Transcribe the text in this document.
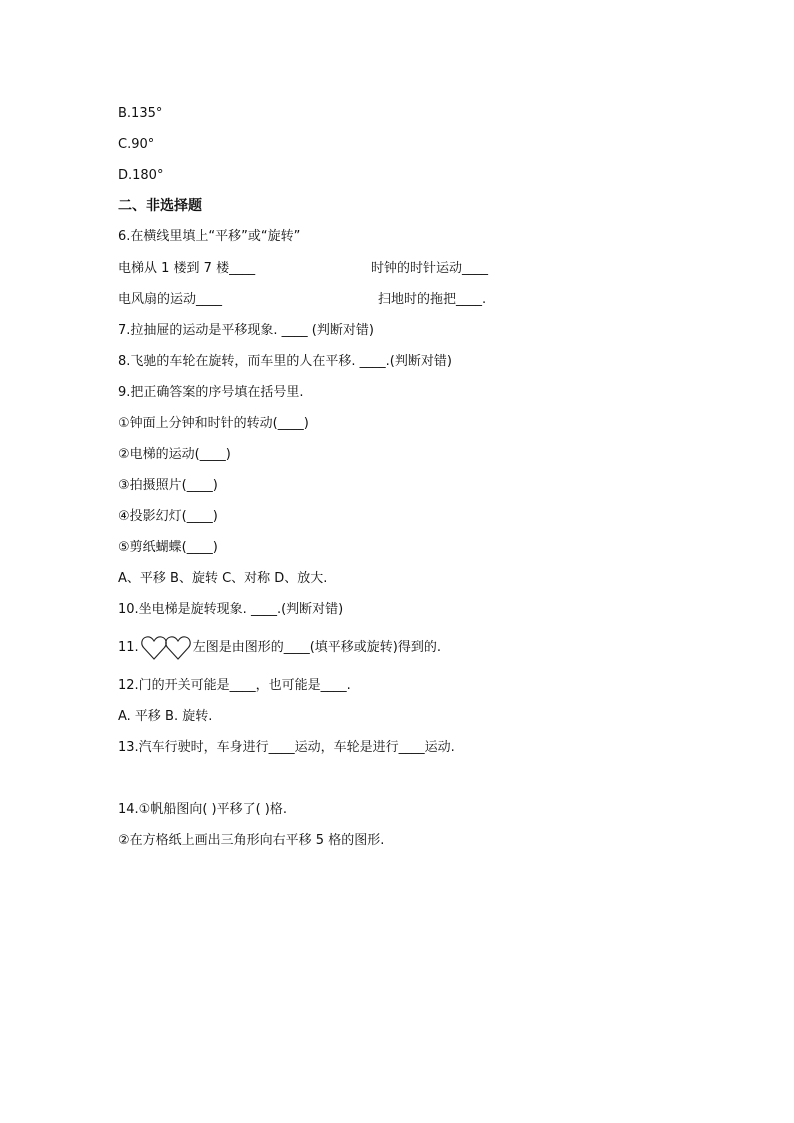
B.135°
C.90°
D.180°
二、非选择题
6.在横线里填上“平移”或“旋转”
电梯从 1 楼到 7 楼____	时钟的时针运动____
电风扇的运动____	扫地时的拖把____.
7.拉抽屉的运动是平移现象. ____ (判断对错)
8.飞驰的车轮在旋转，而车里的人在平移. ____.(判断对错)
9.把正确答案的序号填在括号里.
①钟面上分钟和时针的转动(____)
②电梯的运动(____)
③拍摄照片(____)
④投影幻灯(____)
⑤剪纸蝴蝶(____)
A、平移 B、旋转 C、对称 D、放大.
10.坐电梯是旋转现象. ____.(判断对错)
11.	左图是由图形的____(填平移或旋转)得到的.
12.门的开关可能是____，也可能是____.
A. 平移 B. 旋转.
13.汽车行驶时，车身进行____运动，车轮是进行____运动.
14.①帆船图向( )平移了( )格.
②在方格纸上画出三角形向右平移 5 格的图形.
